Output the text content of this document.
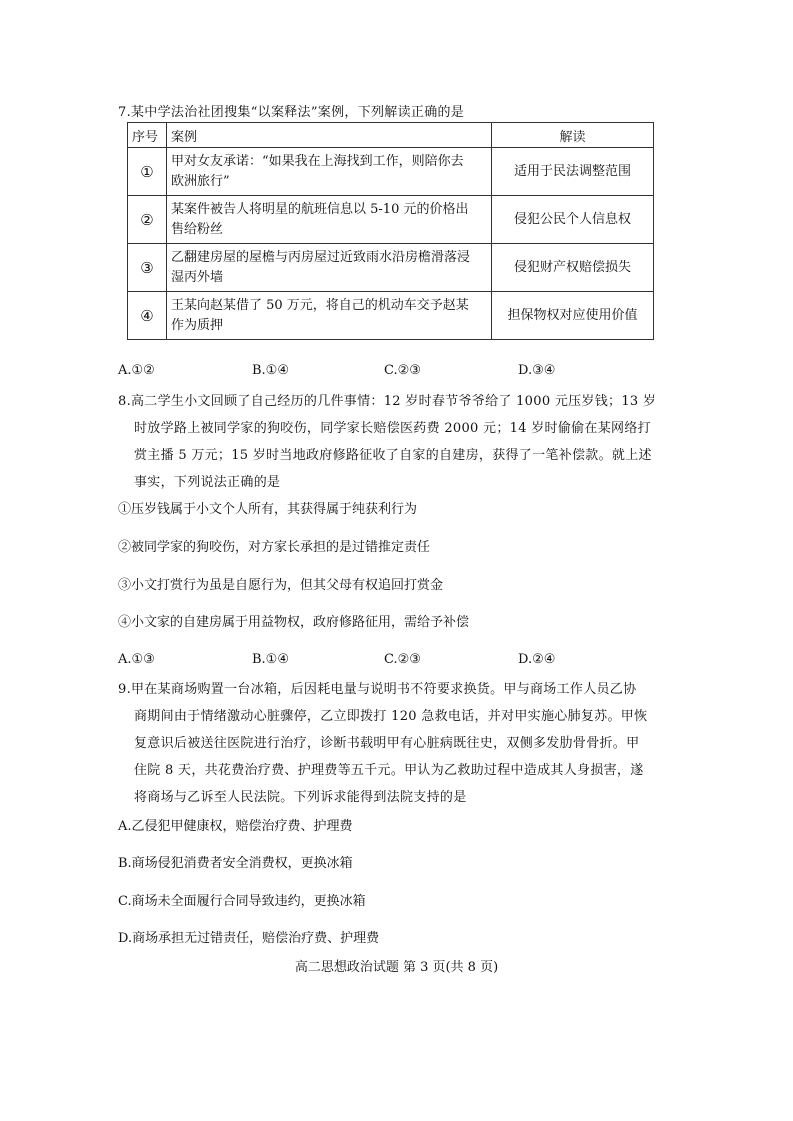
7.某中学法治社团搜集“以案释法”案例，下列解读正确的是
序号	案例	解读
①	甲对女友承诺：“如果我在上海找到工作，则陪你去
欧洲旅行”	适用于民法调整范围
②	某案件被告人将明星的航班信息以 5-10 元的价格出
售给粉丝	侵犯公民个人信息权
③	乙翻建房屋的屋檐与丙房屋过近致雨水沿房檐滑落浸
湿丙外墙	侵犯财产权赔偿损失
④	王某向赵某借了 50 万元，将自己的机动车交予赵某
作为质押	担保物权对应使用价值
A.①②	B.①④	C.②③	D.③④
8.高二学生小文回顾了自己经历的几件事情：12 岁时春节爷爷给了 1000 元压岁钱；13 岁
时放学路上被同学家的狗咬伤，同学家长赔偿医药费 2000 元；14 岁时偷偷在某网络打
赏主播 5 万元；15 岁时当地政府修路征收了自家的自建房，获得了一笔补偿款。就上述
事实，下列说法正确的是
①压岁钱属于小文个人所有，其获得属于纯获利行为
②被同学家的狗咬伤，对方家长承担的是过错推定责任
③小文打赏行为虽是自愿行为，但其父母有权追回打赏金
④小文家的自建房属于用益物权，政府修路征用，需给予补偿
A.①③	B.①④	C.②③	D.②④
9.甲在某商场购置一台冰箱，后因耗电量与说明书不符要求换货。甲与商场工作人员乙协
商期间由于情绪激动心脏骤停，乙立即拨打 120 急救电话，并对甲实施心肺复苏。甲恢
复意识后被送往医院进行治疗，诊断书载明甲有心脏病既往史，双侧多发肋骨骨折。甲
住院 8 天，共花费治疗费、护理费等五千元。甲认为乙救助过程中造成其人身损害，遂
将商场与乙诉至人民法院。下列诉求能得到法院支持的是
A.乙侵犯甲健康权，赔偿治疗费、护理费
B.商场侵犯消费者安全消费权，更换冰箱
C.商场未全面履行合同导致违约，更换冰箱
D.商场承担无过错责任，赔偿治疗费、护理费
高二思想政治试题 第 3 页(共 8 页)
